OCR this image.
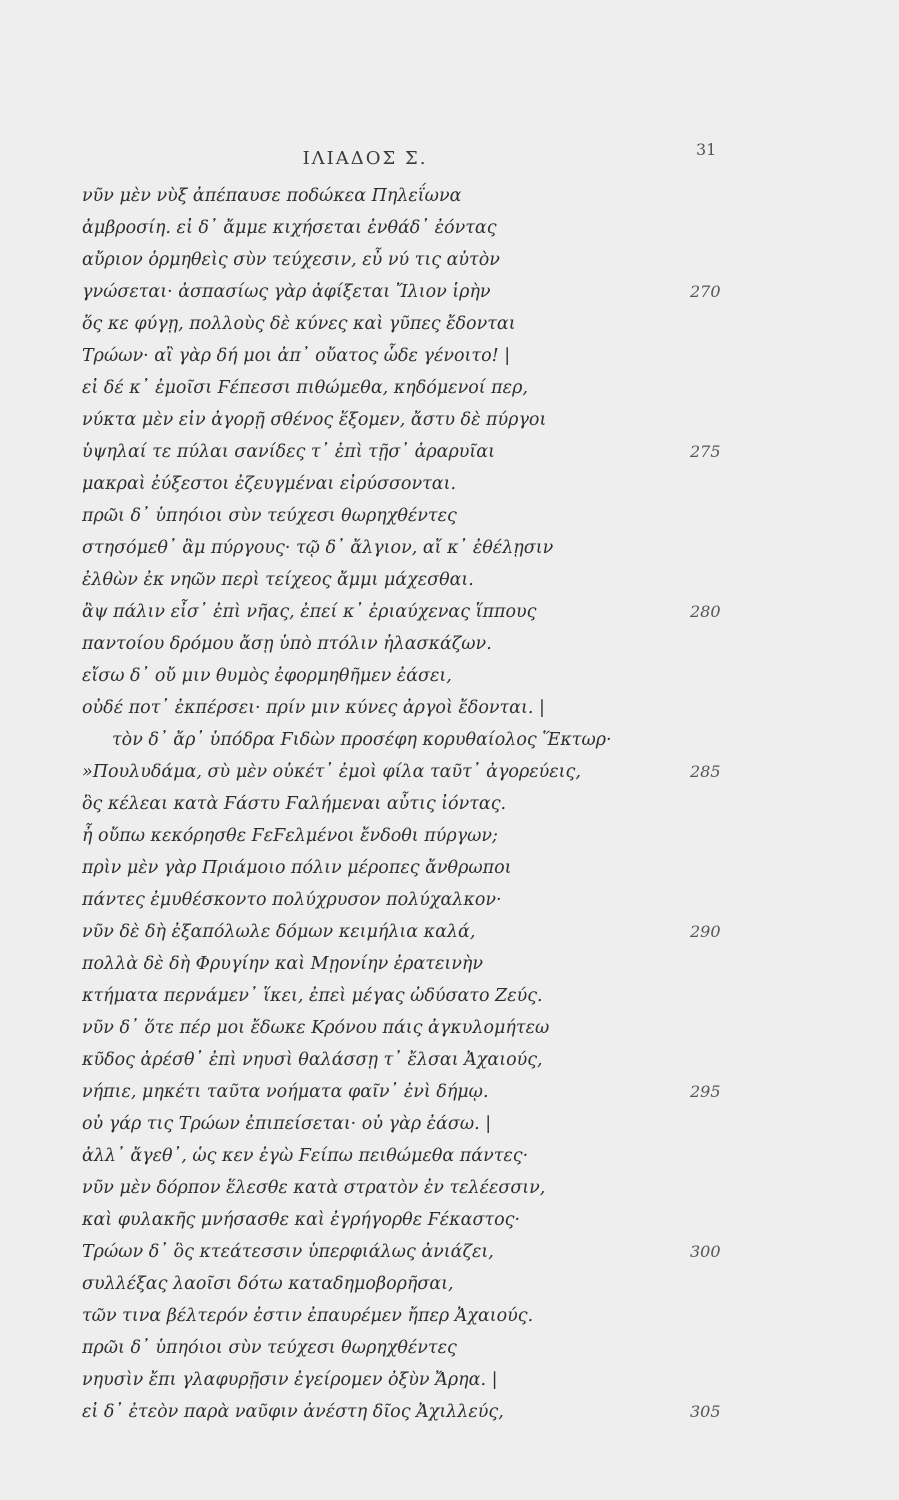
ΙΛΙΑΔΟΣ Σ.	31
νῦν μὲν νὺξ ἀπέπαυσε ποδώκεα Πηλεΐωνα
ἀμβροσίη. εἰ δ᾿ ἄμμε κιχήσεται ἐνθάδ᾿ ἐόντας
αὔριον ὁρμηθεὶς σὺν τεύχεσιν, εὖ νύ τις αὐτὸν
γνώσεται· ἀσπασίως γὰρ ἀφίξεται Ἴλιον ἱρὴν	270
ὅς κε φύγῃ, πολλοὺς δὲ κύνες καὶ γῦπες ἔδονται
Τρώων· αἲ γὰρ δή μοι ἀπ᾿ οὔατος ὧδε γένοιτο! |
εἰ δέ κ᾿ ἐμοῖσι Ϝέπεσσι πιθώμεθα, κηδόμενοί περ,
νύκτα μὲν εἰν ἀγορῇ σθένος ἕξομεν, ἄστυ δὲ πύργοι
ὑψηλαί τε πύλαι σανίδες τ᾿ ἐπὶ τῇσ᾿ ἀραρυῖαι	275
μακραὶ ἐύξεστοι ἐζευγμέναι εἰρύσσονται.
πρῶι δ᾿ ὑπηόιοι σὺν τεύχεσι θωρηχθέντες
στησόμεθ᾿ ἂμ πύργους· τῷ δ᾿ ἄλγιον, αἴ κ᾿ ἐθέλῃσιν
ἐλθὼν ἐκ νηῶν περὶ τείχεος ἄμμι μάχεσθαι.
ἂψ πάλιν εἶσ᾿ ἐπὶ νῆας, ἐπεί κ᾿ ἐριαύχενας ἵππους	280
παντοίου δρόμου ἄσῃ ὑπὸ πτόλιν ἠλασκάζων.
εἴσω δ᾿ οὔ μιν θυμὸς ἐφορμηθῆμεν ἐάσει,
οὐδέ ποτ᾿ ἐκπέρσει· πρίν μιν κύνες ἀργοὶ ἔδονται. |
τὸν δ᾿ ἄρ᾿ ὑπόδρα Ϝιδὼν προσέφη κορυθαίολος Ἕκτωρ·
»Πουλυδάμα, σὺ μὲν οὐκέτ᾿ ἐμοὶ φίλα ταῦτ᾿ ἀγορεύεις,	285
ὃς κέλεαι κατὰ Ϝάστυ Ϝαλήμεναι αὖτις ἰόντας.
ἦ οὔπω κεκόρησθε ϜεϜελμένοι ἔνδοθι πύργων;
πρὶν μὲν γὰρ Πριάμοιο πόλιν μέροπες ἄνθρωποι
πάντες ἐμυθέσκοντο πολύχρυσον πολύχαλκον·
νῦν δὲ δὴ ἐξαπόλωλε δόμων κειμήλια καλά,	290
πολλὰ δὲ δὴ Φρυγίην καὶ Μῃονίην ἐρατεινὴν
κτήματα περνάμεν᾿ ἵκει, ἐπεὶ μέγας ὠδύσατο Ζεύς.
νῦν δ᾿ ὅτε πέρ μοι ἔδωκε Κρόνου πάις ἀγκυλομήτεω
κῦδος ἀρέσθ᾿ ἐπὶ νηυσὶ θαλάσσῃ τ᾿ ἔλσαι Ἀχαιούς,
νήπιε, μηκέτι ταῦτα νοήματα φαῖν᾿ ἐνὶ δήμῳ.	295
οὐ γάρ τις Τρώων ἐπιπείσεται· οὐ γὰρ ἐάσω. |
ἀλλ᾿ ἄγεθ᾿, ὡς κεν ἐγὼ Ϝείπω πειθώμεθα πάντες·
νῦν μὲν δόρπον ἕλεσθε κατὰ στρατὸν ἐν τελέεσσιν,
καὶ φυλακῆς μνήσασθε καὶ ἐγρήγορθε Ϝέκαστος·
Τρώων δ᾿ ὃς κτεάτεσσιν ὑπερφιάλως ἀνιάζει,	300
συλλέξας λαοῖσι δότω καταδημοβορῆσαι,
τῶν τινα βέλτερόν ἐστιν ἐπαυρέμεν ἤπερ Ἀχαιούς.
πρῶι δ᾿ ὑπηόιοι σὺν τεύχεσι θωρηχθέντες
νηυσὶν ἔπι γλαφυρῇσιν ἐγείρομεν ὀξὺν Ἄρηα. |
εἰ δ᾿ ἐτεὸν παρὰ ναῦφιν ἀνέστη δῖος Ἀχιλλεύς,	305
